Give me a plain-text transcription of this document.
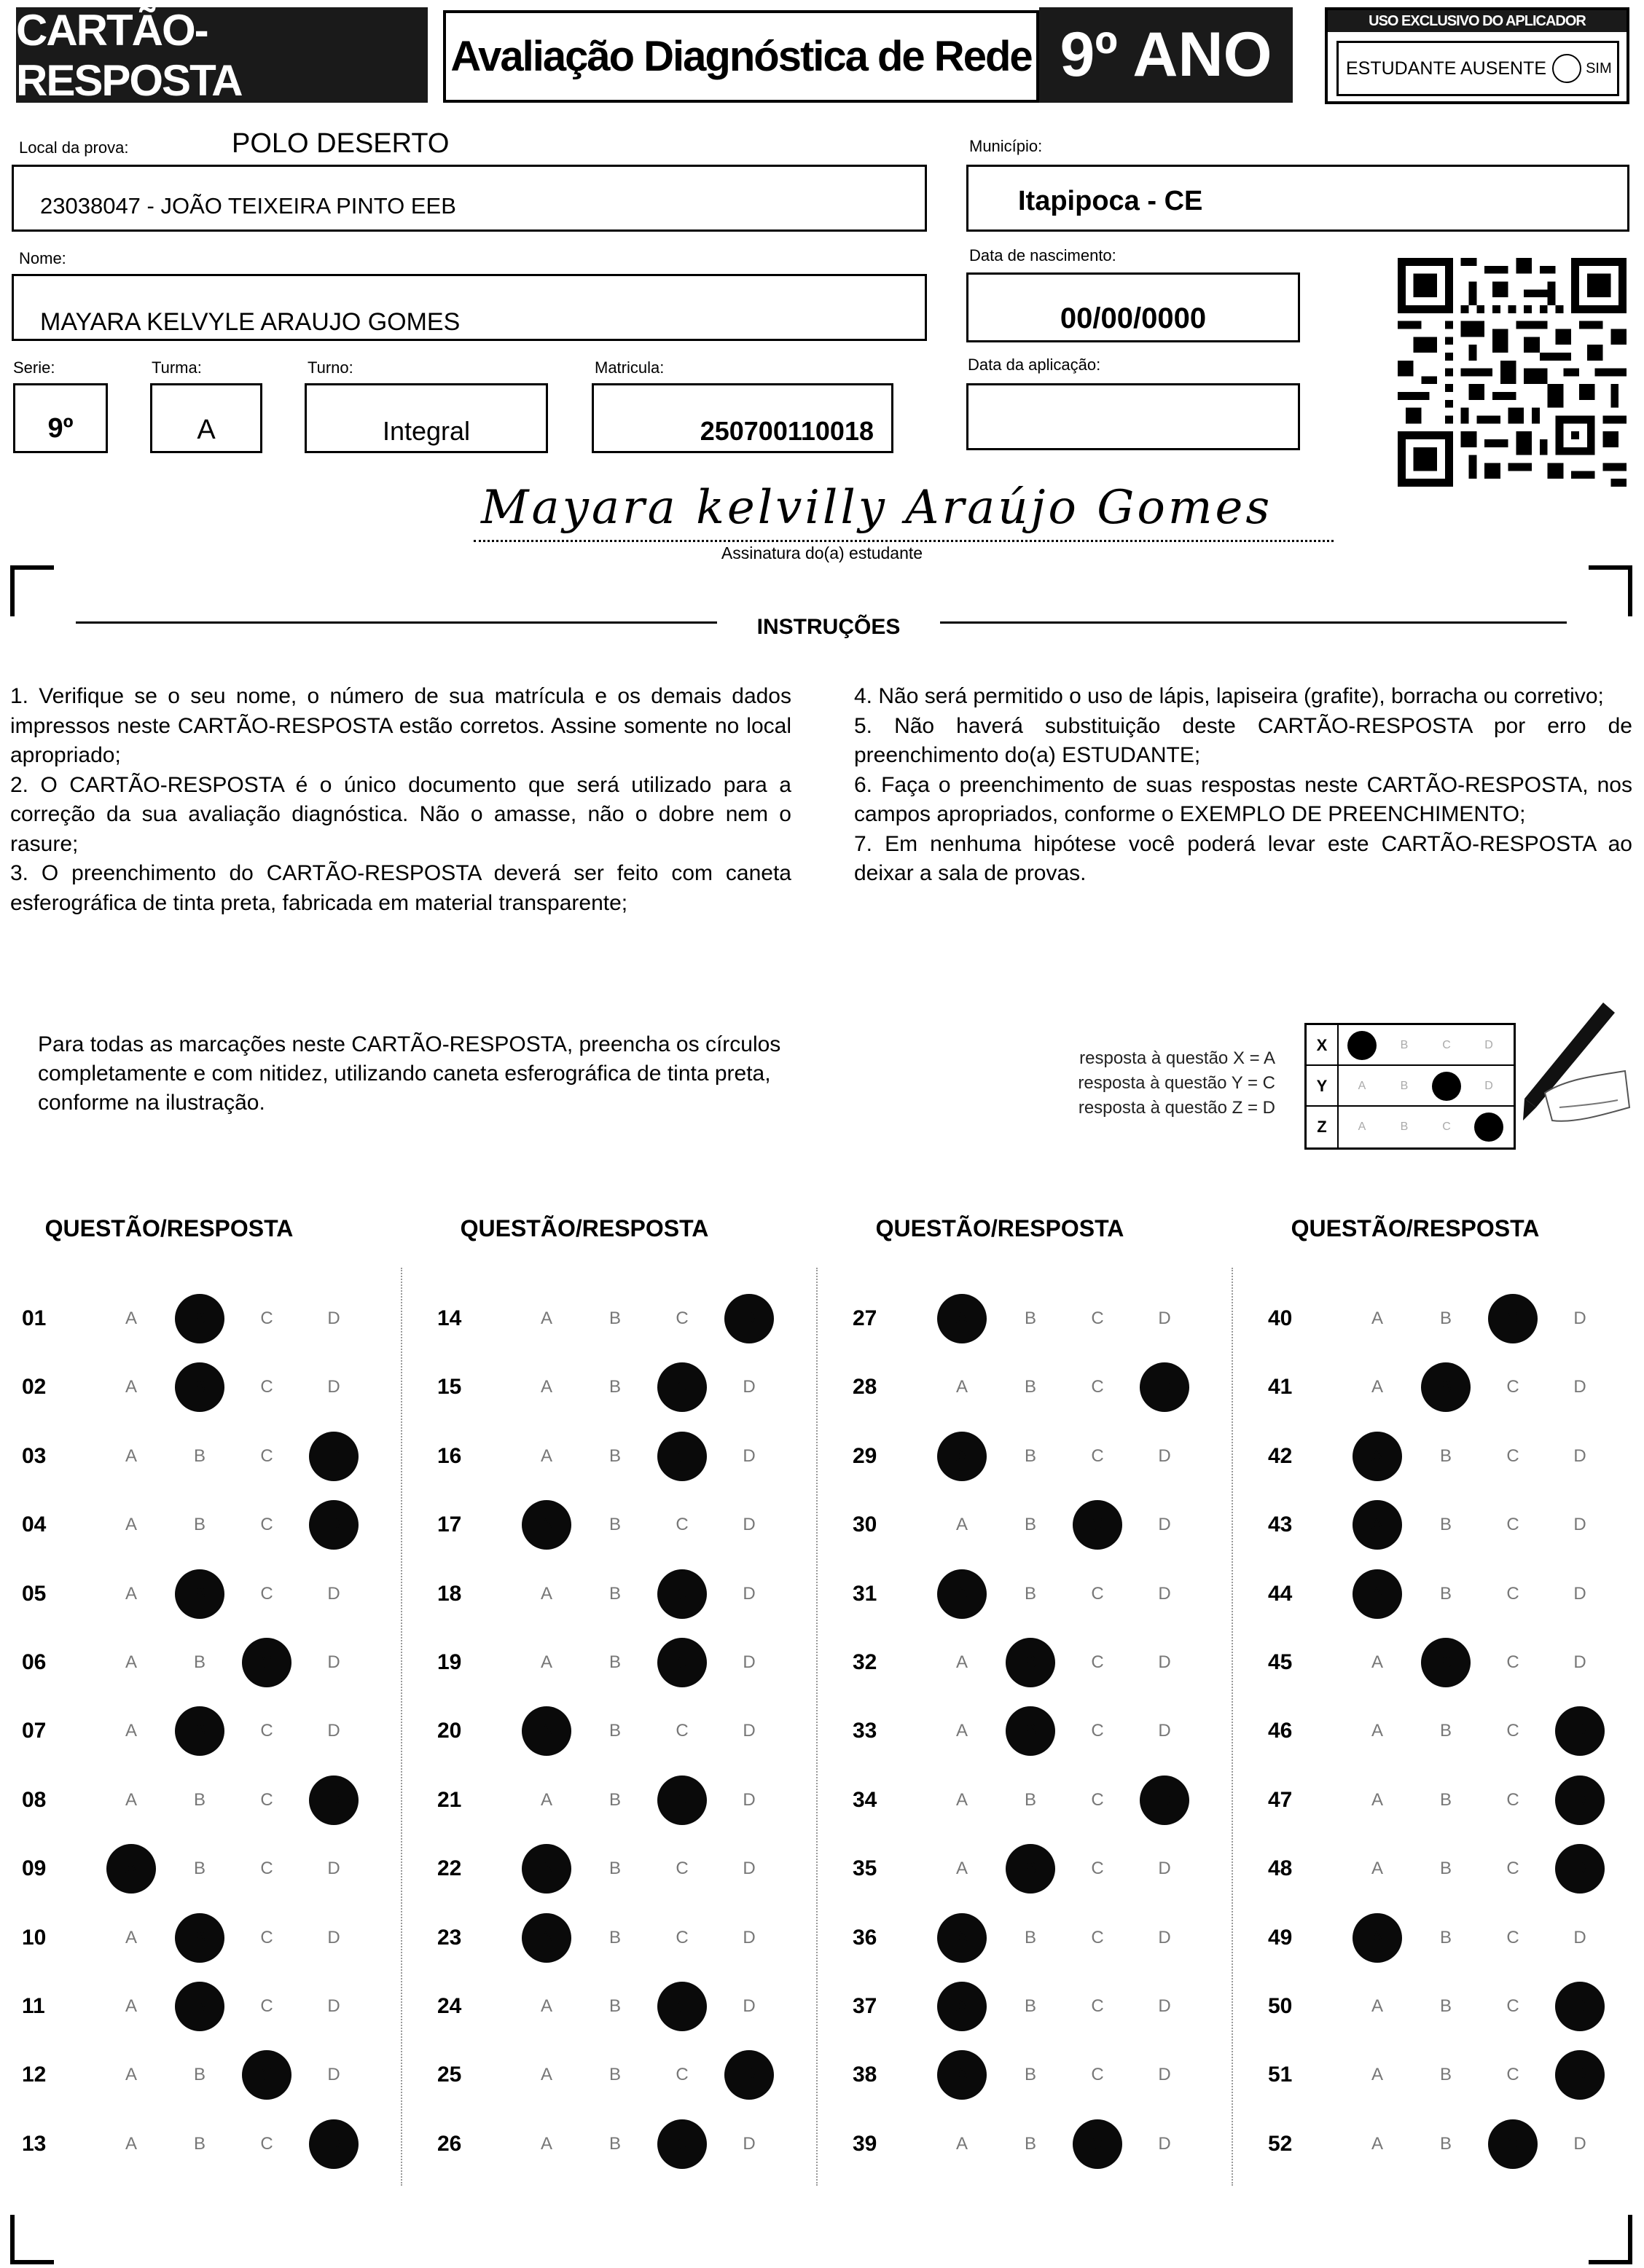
CARTÃO-RESPOSTA	Avaliação Diagnóstica de Rede 9º ANO	USO EXCLUSIVO DO APLICADOR
ESTUDANTE AUSENTE	SIM
Local da prova:	POLO DESERTO
23038047 - JOÃO TEIXEIRA PINTO EEB
Município:
Itapipoca - CE
Nome:
MAYARA KELVYLE ARAUJO GOMES
Data de nascimento:
00/00/0000
Serie:
9º
Turma:
A
Turno:
Integral
Matricula:
250700110018
Data da aplicação:
Mayara kelvilly Araújo Gomes
Assinatura do(a) estudante
INSTRUÇÕES

1. Verifique se o seu nome, o número de sua matrícula e os demais dados impressos neste CARTÃO-RESPOSTA estão corretos. Assine somente no local apropriado;

2. O CARTÃO-RESPOSTA é o único documento que será utilizado para a correção da sua avaliação diagnóstica. Não o amasse, não o dobre nem o rasure;

3. O preenchimento do CARTÃO-RESPOSTA deverá ser feito com caneta esferográfica de tinta preta, fabricada em material transparente;

4. Não será permitido o uso de lápis, lapiseira (grafite), borracha ou corretivo;

5. Não haverá substituição deste CARTÃO-RESPOSTA por erro de preenchimento do(a) ESTUDANTE;

6. Faça o preenchimento de suas respostas neste CARTÃO-RESPOSTA, nos campos apropriados, conforme o EXEMPLO DE PREENCHIMENTO;

7. Em nenhuma hipótese você poderá levar este CARTÃO-RESPOSTA ao deixar a sala de provas.

Para todas as marcações neste CARTÃO-RESPOSTA, preencha os círculos completamente e com nitidez, utilizando caneta esferográfica de tinta preta, conforme na ilustração.
resposta à questão X = A
resposta à questão Y = C
resposta à questão Z = D
X	A	B	C	D
Y	A	B	C	D
Z	A	B	C	D
QUESTÃO/RESPOSTA
01	A	B	C	D
02	A	B	C	D
03	A	B	C	D
04	A	B	C	D
05	A	B	C	D
06	A	B	C	D
07	A	B	C	D
08	A	B	C	D
09	A	B	C	D
10	A	B	C	D
11	A	B	C	D
12	A	B	C	D
13	A	B	C	D
QUESTÃO/RESPOSTA
14	A	B	C	D
15	A	B	C	D
16	A	B	C	D
17	A	B	C	D
18	A	B	C	D
19	A	B	C	D
20	A	B	C	D
21	A	B	C	D
22	A	B	C	D
23	A	B	C	D
24	A	B	C	D
25	A	B	C	D
26	A	B	C	D
QUESTÃO/RESPOSTA
27	A	B	C	D
28	A	B	C	D
29	A	B	C	D
30	A	B	C	D
31	A	B	C	D
32	A	B	C	D
33	A	B	C	D
34	A	B	C	D
35	A	B	C	D
36	A	B	C	D
37	A	B	C	D
38	A	B	C	D
39	A	B	C	D
QUESTÃO/RESPOSTA
40	A	B	C	D
41	A	B	C	D
42	A	B	C	D
43	A	B	C	D
44	A	B	C	D
45	A	B	C	D
46	A	B	C	D
47	A	B	C	D
48	A	B	C	D
49	A	B	C	D
50	A	B	C	D
51	A	B	C	D
52	A	B	C	D
